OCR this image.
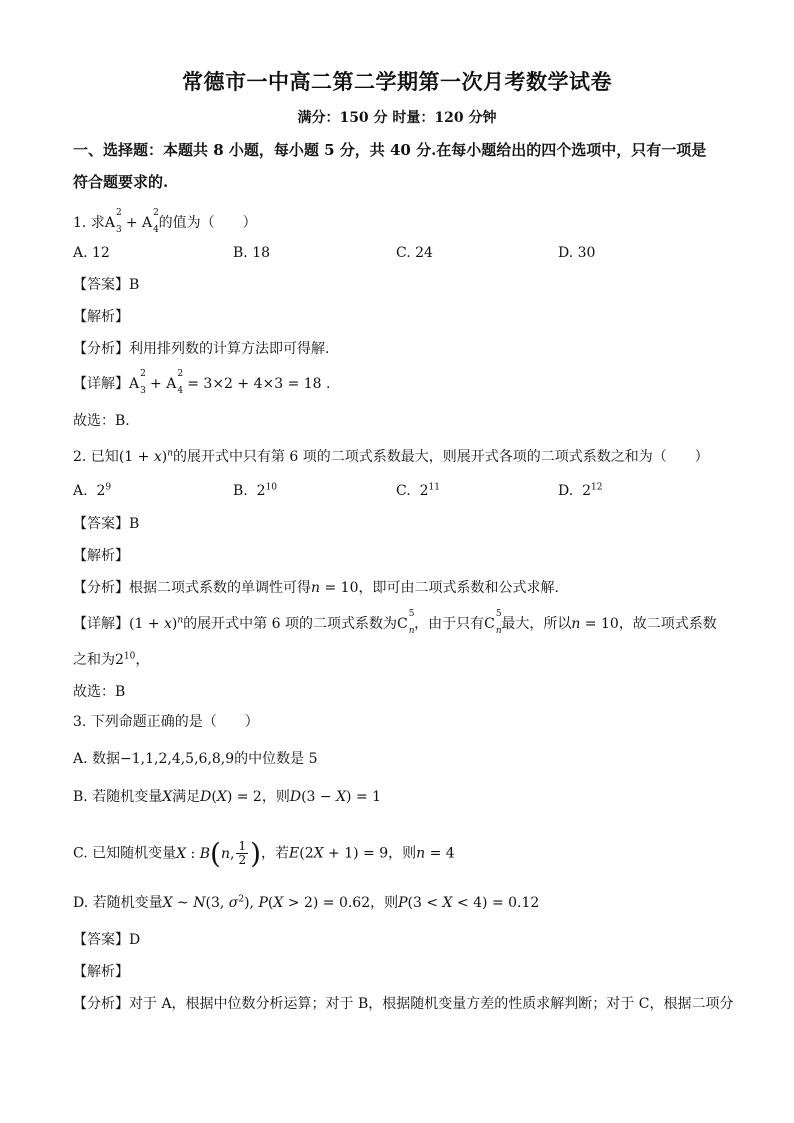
常德市一中高二第二学期第一次月考数学试卷
满分：150 分 时量：120 分钟
一、选择题：本题共 8 小题，每小题 5 分，共 40 分.在每小题给出的四个选项中，只有一项是
符合题要求的.
1. 求A
2
3 + A
2
4 的值为（　　）
A. 12	B. 18	C. 24	D. 30
【答案】B
【解析】
【分析】利用排列数的计算方法即可得解.
【详解】A
2
3 + A
2
4 = 3×2 + 4×3 = 18 .
故选：B.
2. 已知$(1 + x)^n$的展开式中只有第 6 项的二项式系数最大，则展开式各项的二项式系数之和为（　　）
A.  $2^9$	B.  $2^{10}$	C.  $2^{11}$	D.  $2^{12}$
【答案】B
【解析】
【分析】根据二项式系数的单调性可得n = 10，即可由二项式系数和公式求解.
【详解】$(1 + x)^n$的展开式中第 6 项的二项式系数为C
5
n ，由于只有C
5
n 最大，所以n = 10，故二项式系数
之和为$2^{10}$，
故选：B
3. 下列命题正确的是（　　）
A. 数据−1,1,2,4,5,6,8,9的中位数是 5
B. 若随机变量X满足D(X) = 2，则D(3 − X) = 1
C. 已知随机变量X : B(n, $\frac{1}{2}$ )，若E(2X + 1) = 9，则n = 4
D. 若随机变量X ~ N(3, $\sigma^2$), P(X > 2) = 0.62，则P(3 < X < 4) = 0.12
【答案】D
【解析】
【分析】对于 A，根据中位数分析运算；对于 B，根据随机变量方差的性质求解判断；对于 C，根据二项分
